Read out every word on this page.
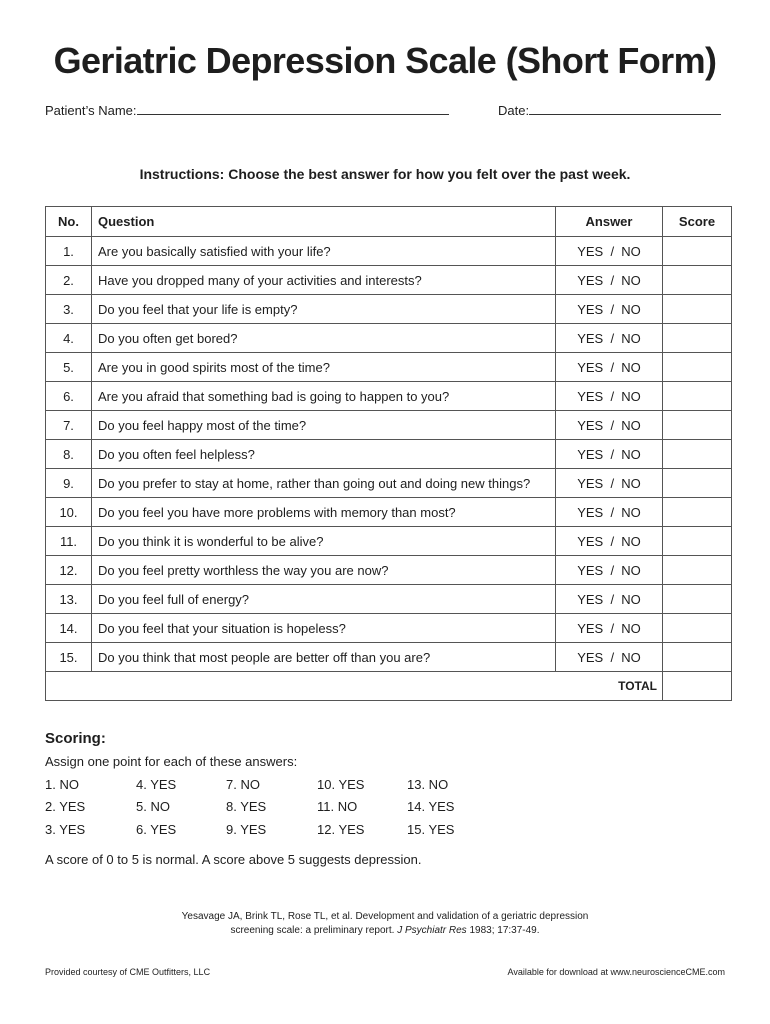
Geriatric Depression Scale (Short Form)
Patient’s Name:	Date:
Instructions: Choose the best answer for how you felt over the past week.
No.	Question	Answer	Score
1.	Are you basically satisfied with your life?	YES  /  NO	
2.	Have you dropped many of your activities and interests?	YES  /  NO	
3.	Do you feel that your life is empty?	YES  /  NO	
4.	Do you often get bored?	YES  /  NO	
5.	Are you in good spirits most of the time?	YES  /  NO	
6.	Are you afraid that something bad is going to happen to you?	YES  /  NO	
7.	Do you feel happy most of the time?	YES  /  NO	
8.	Do you often feel helpless?	YES  /  NO	
9.	Do you prefer to stay at home, rather than going out and doing new things?	YES  /  NO	
10.	Do you feel you have more problems with memory than most?	YES  /  NO	
11.	Do you think it is wonderful to be alive?	YES  /  NO	
12.	Do you feel pretty worthless the way you are now?	YES  /  NO	
13.	Do you feel full of energy?	YES  /  NO	
14.	Do you feel that your situation is hopeless?	YES  /  NO	
15.	Do you think that most people are better off than you are?	YES  /  NO	
TOTAL			
Scoring:
Assign one point for each of these answers:
1. NO	4. YES	7. NO	10. YES	13. NO
2. YES	5. NO	8. YES	11. NO	14. YES
3. YES	6. YES	9. YES	12. YES	15. YES
A score of 0 to 5 is normal. A score above 5 suggests depression.
Yesavage JA, Brink TL, Rose TL, et al. Development and validation of a geriatric depression
screening scale: a preliminary report. J Psychiatr Res 1983; 17:37-49.
Provided courtesy of CME Outfitters, LLC	Available for download at www.neuroscienceCME.com
